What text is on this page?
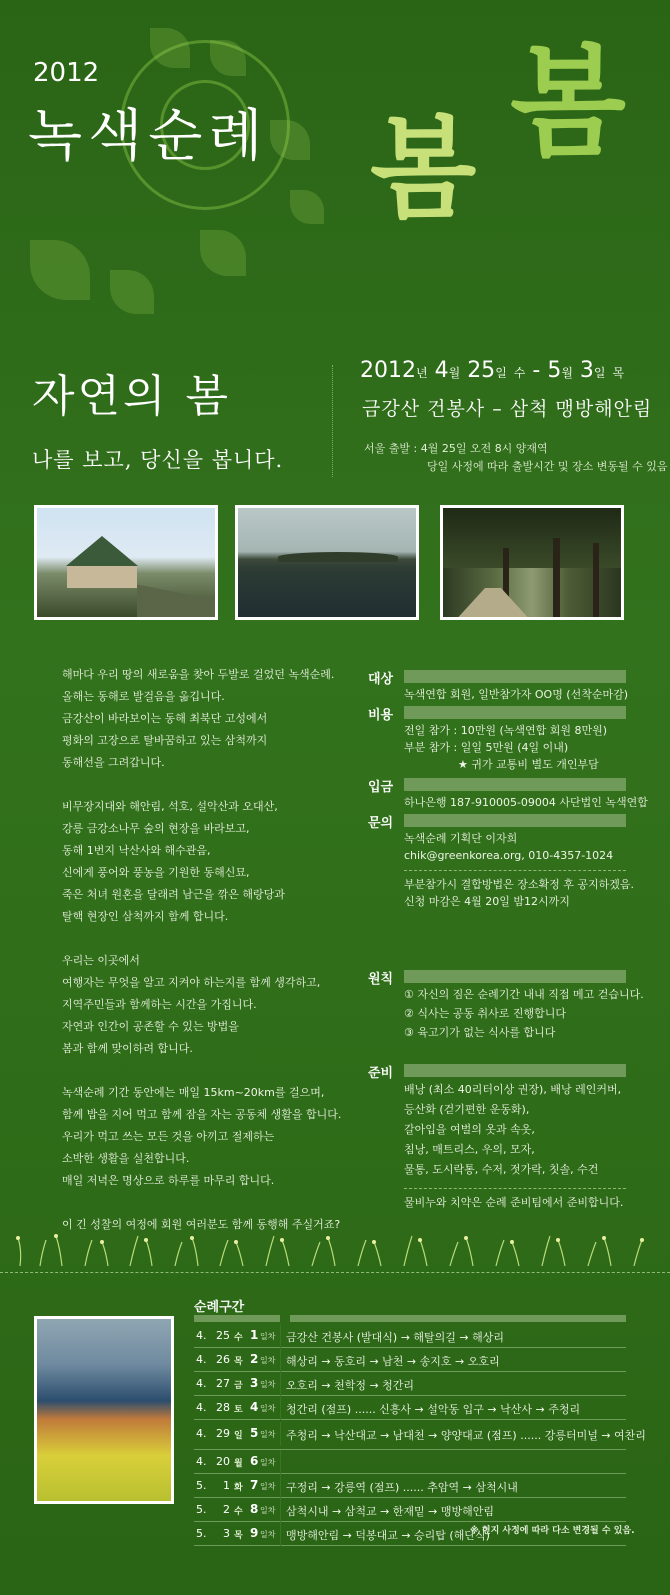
2012
녹색순례 봄
봄
자연의 봄
나를 보고, 당신을 봅니다.
2012년 4월 25일 수 - 5월 3일 목
금강산 건봉사 – 삼척 맹방해안림
서울 출발 : 4월 25일 오전 8시 양재역
당일 사정에 따라 출발시간 및 장소 변동될 수 있음

해마다 우리 땅의 새로움을 찾아 두발로 걸었던 녹색순례.
올해는 동해로 발걸음을 옮깁니다.
금강산이 바라보이는 동해 최북단 고성에서
평화의 고장으로 탈바꿈하고 있는 삼척까지
동해선을 그려갑니다.

비무장지대와 해안림, 석호, 설악산과 오대산,
강릉 금강소나무 숲의 현장을 바라보고,
동해 1번지 낙산사와 해수관음,
신에게 풍어와 풍농을 기원한 동해신묘,
죽은 처녀 원혼을 달래려 남근을 깎은 해랑당과
탈핵 현장인 삼척까지 함께 합니다.

우리는 이곳에서
여행자는 무엇을 알고 지켜야 하는지를 함께 생각하고,
지역주민들과 함께하는 시간을 가집니다.
자연과 인간이 공존할 수 있는 방법을
봄과 함께 맞이하려 합니다.

녹색순례 기간 동안에는 매일 15km~20km를 걸으며,
함께 밥을 지어 먹고 함께 잠을 자는 공동체 생활을 합니다.
우리가 먹고 쓰는 모든 것을 아끼고 절제하는
소박한 생활을 실천합니다.
매일 저녁은 명상으로 하루를 마무리 합니다.

이 긴 성찰의 여정에 회원 여러분도 함께 동행해 주실거죠?

대상
녹색연합 회원, 일반참가자 OO명 (선착순마감)
비용
전일 참가 : 10만원 (녹색연합 회원 8만원)
부분 참가 : 일일 5만원 (4일 이내)
★ 귀가 교통비 별도 개인부담
입금
하나은행 187-910005-09004 사단법인 녹색연합
문의
녹색순례 기획단 이자희
chik@greenkorea.org, 010-4357-1024
부분참가시 결합방법은 장소확정 후 공지하겠음.
신청 마감은 4월 20일 밤12시까지
원칙
① 자신의 짐은 순례기간 내내 직접 메고 걷습니다.
② 식사는 공동 취사로 진행합니다
③ 육고기가 없는 식사를 합니다
준비
배낭 (최소 40리터이상 권장), 배낭 레인커버,
등산화 (걷기편한 운동화),
갈아입을 여벌의 옷과 속옷,
침낭, 매트리스, 우의, 모자,
물통, 도시락통, 수저, 젓가락, 칫솔, 수건
물비누와 치약은 순례 준비팀에서 준비합니다.
순례구간
4. 25 수 1 일차 금강산 건봉사 (발대식) → 해탈의길 → 해상리
4. 26 목 2 일차 해상리 → 동호리 → 남천 → 송지호 → 오호리
4. 27 금 3 일차 오호리 → 천학정 → 청간리
4. 28 토 4 일차 청간리 (점프) ...... 신흥사 → 설악동 입구 → 낙산사 → 주청리
4. 29 일 5 일차 주청리 → 낙산대교 → 남대천 → 양양대교 (점프) ...... 강릉터미널 → 여찬리
4. 20 월 6 일차
5.	1 화 7 일차 구정리 → 강릉역 (점프) ...... 추암역 → 삼척시내
5.	2 수 8 일차 삼척시내 → 삼척교 → 한재밑 → 맹방해안림
5.	3 목 9 일차 맹방해안림 → 덕봉대교 → 승리탑 (해단식)
※ 현지 사정에 따라 다소 변경될 수 있음.
